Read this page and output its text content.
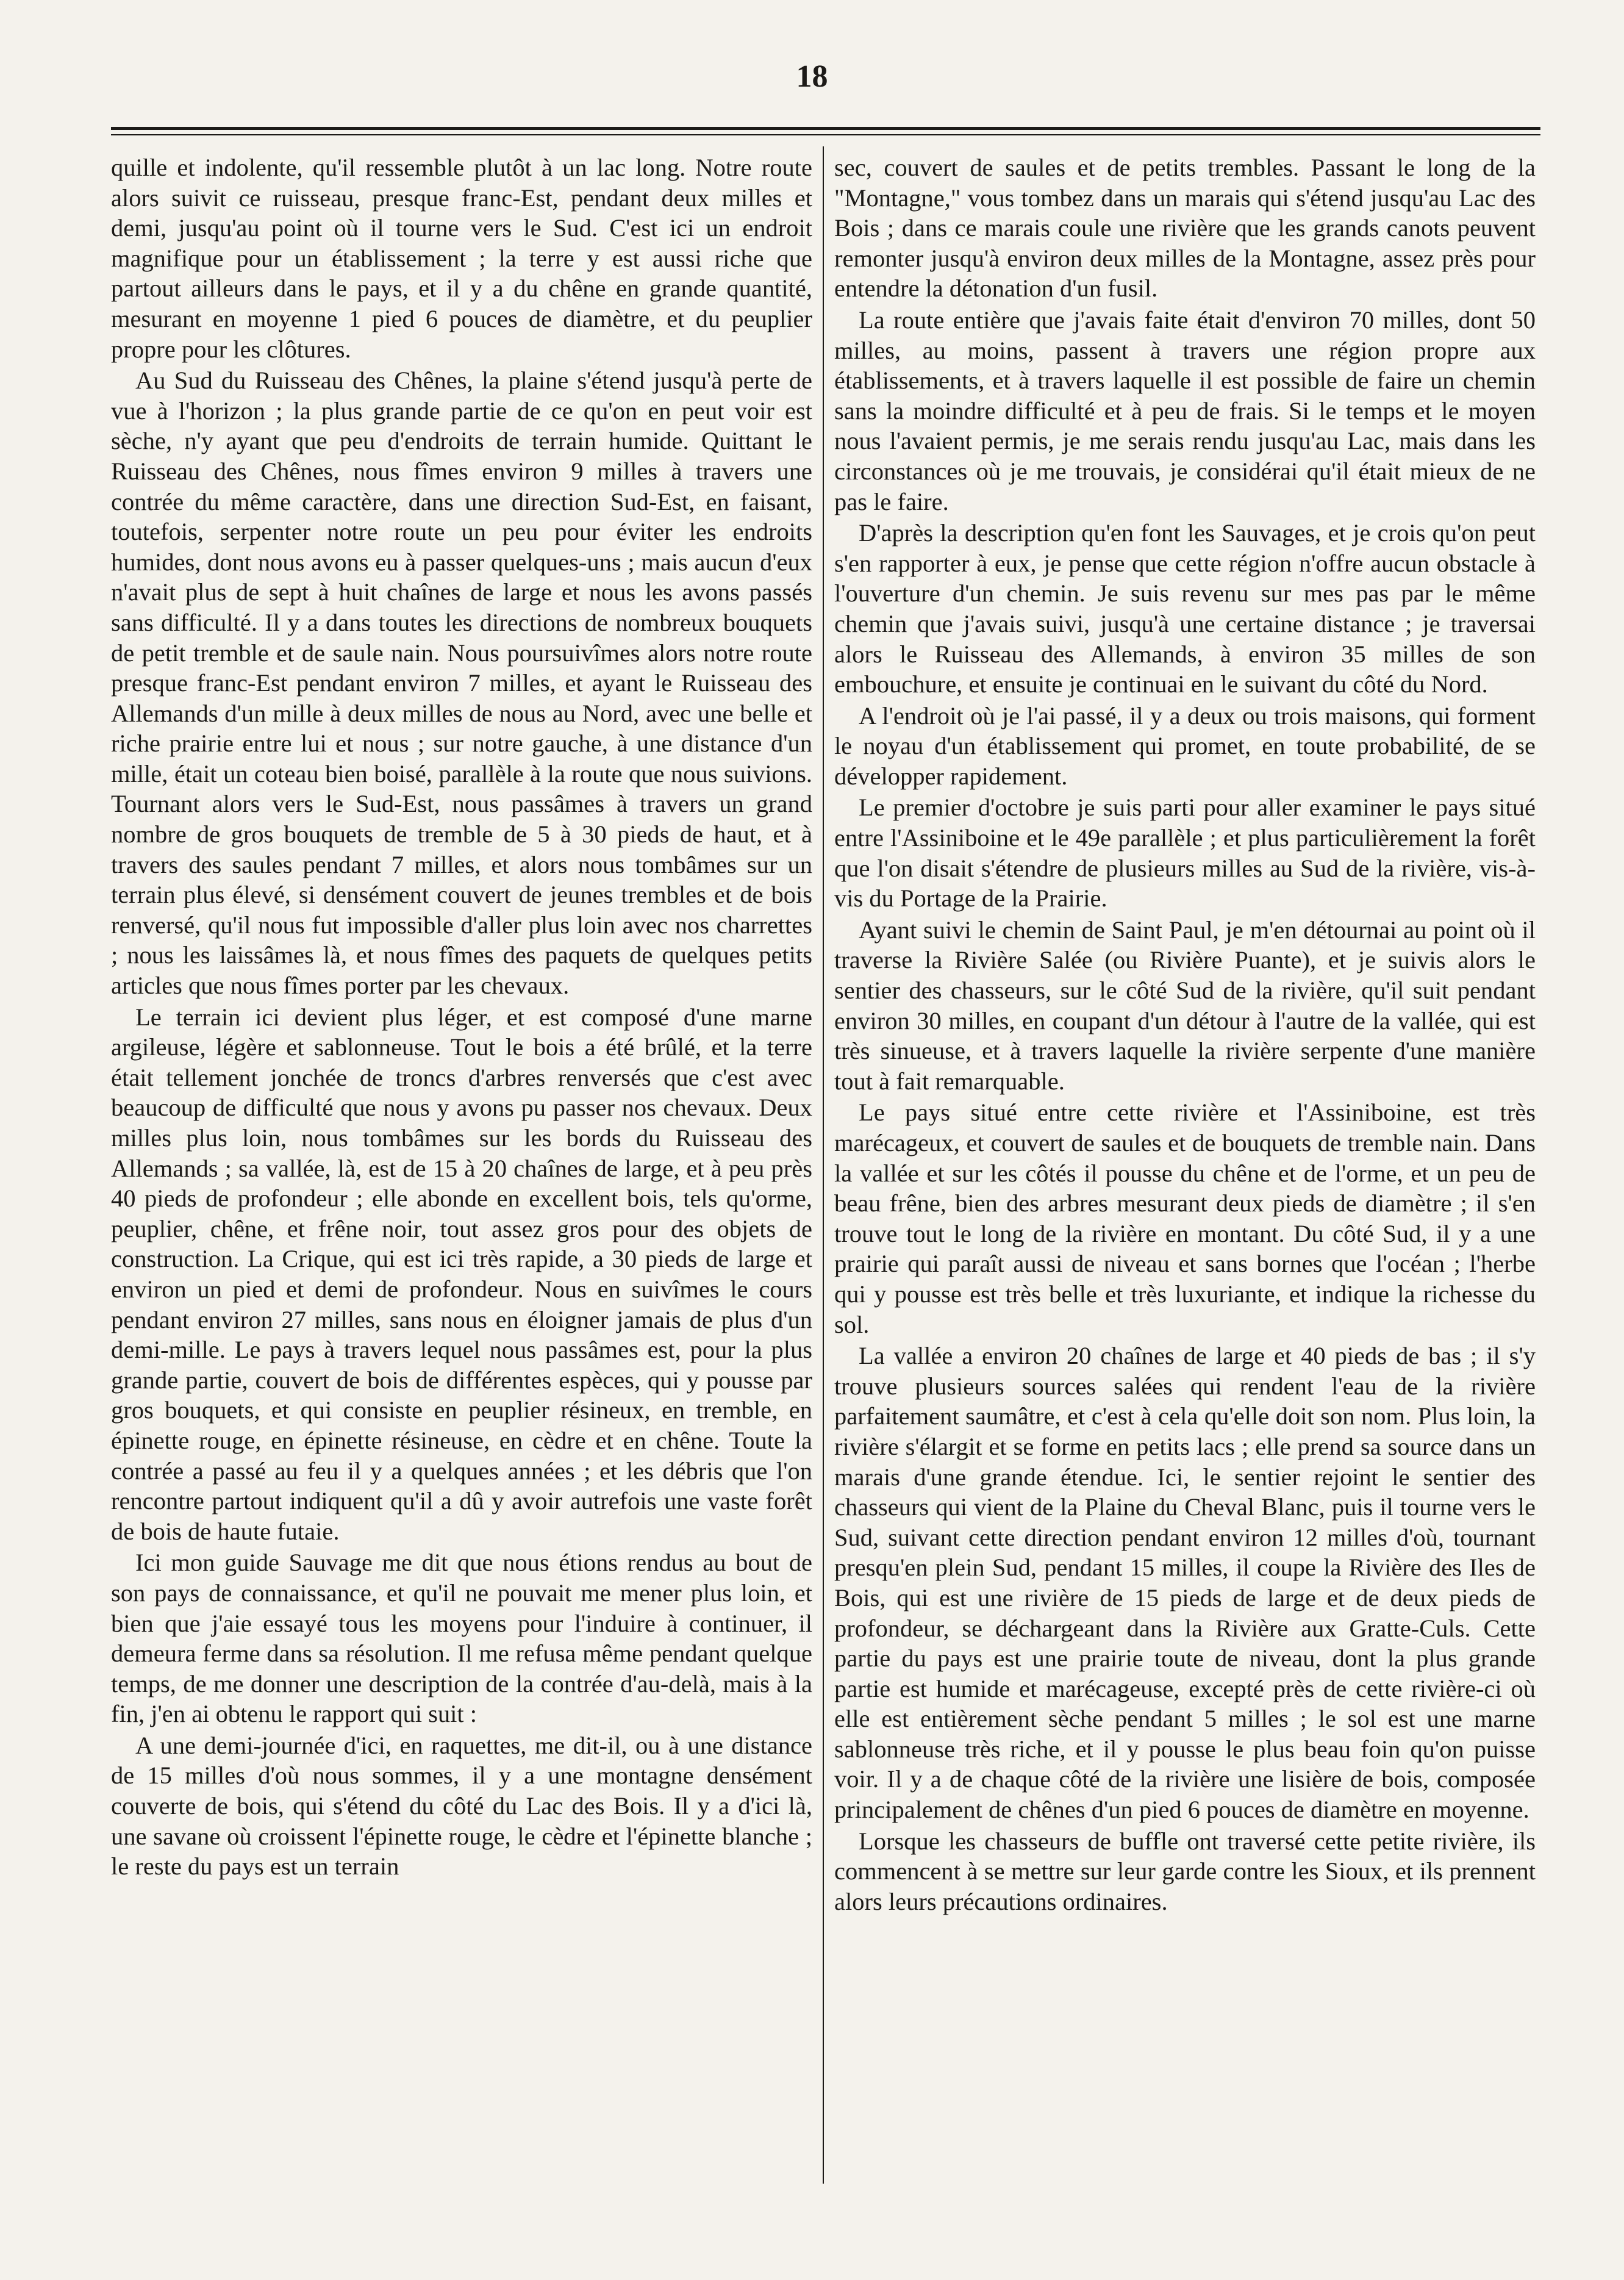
18

quille et indolente, qu'il ressemble plutôt à un lac long. Notre route alors suivit ce ruisseau, presque franc-Est, pendant deux milles et demi, jusqu'au point où il tourne vers le Sud. C'est ici un endroit magnifique pour un établissement ; la terre y est aussi riche que partout ailleurs dans le pays, et il y a du chêne en grande quantité, mesurant en moyenne 1 pied 6 pouces de diamètre, et du peuplier propre pour les clôtures.

Au Sud du Ruisseau des Chênes, la plaine s'étend jusqu'à perte de vue à l'horizon ; la plus grande partie de ce qu'on en peut voir est sèche, n'y ayant que peu d'endroits de terrain humide. Quittant le Ruisseau des Chênes, nous fîmes environ 9 milles à travers une contrée du même caractère, dans une direction Sud-Est, en faisant, toutefois, serpenter notre route un peu pour éviter les endroits humides, dont nous avons eu à passer quelques-uns ; mais aucun d'eux n'avait plus de sept à huit chaînes de large et nous les avons passés sans difficulté. Il y a dans toutes les directions de nombreux bouquets de petit tremble et de saule nain. Nous poursuivîmes alors notre route presque franc-Est pendant environ 7 milles, et ayant le Ruisseau des Allemands d'un mille à deux milles de nous au Nord, avec une belle et riche prairie entre lui et nous ; sur notre gauche, à une distance d'un mille, était un coteau bien boisé, parallèle à la route que nous suivions. Tournant alors vers le Sud-Est, nous passâmes à travers un grand nombre de gros bouquets de tremble de 5 à 30 pieds de haut, et à travers des saules pendant 7 milles, et alors nous tombâmes sur un terrain plus élevé, si densément couvert de jeunes trembles et de bois renversé, qu'il nous fut impossible d'aller plus loin avec nos charrettes ; nous les laissâmes là, et nous fîmes des paquets de quelques petits articles que nous fîmes porter par les chevaux.

Le terrain ici devient plus léger, et est composé d'une marne argileuse, légère et sablonneuse. Tout le bois a été brûlé, et la terre était tellement jonchée de troncs d'arbres renversés que c'est avec beaucoup de difficulté que nous y avons pu passer nos chevaux. Deux milles plus loin, nous tombâmes sur les bords du Ruisseau des Allemands ; sa vallée, là, est de 15 à 20 chaînes de large, et à peu près 40 pieds de profondeur ; elle abonde en excellent bois, tels qu'orme, peuplier, chêne, et frêne noir, tout assez gros pour des objets de construction. La Crique, qui est ici très rapide, a 30 pieds de large et environ un pied et demi de profondeur. Nous en suivîmes le cours pendant environ 27 milles, sans nous en éloigner jamais de plus d'un demi-mille. Le pays à travers lequel nous passâmes est, pour la plus grande partie, couvert de bois de différentes espèces, qui y pousse par gros bouquets, et qui consiste en peuplier résineux, en tremble, en épinette rouge, en épinette résineuse, en cèdre et en chêne. Toute la contrée a passé au feu il y a quelques années ; et les débris que l'on rencontre partout indiquent qu'il a dû y avoir autrefois une vaste forêt de bois de haute futaie.

Ici mon guide Sauvage me dit que nous étions rendus au bout de son pays de connaissance, et qu'il ne pouvait me mener plus loin, et bien que j'aie essayé tous les moyens pour l'induire à continuer, il demeura ferme dans sa résolution. Il me refusa même pendant quelque temps, de me donner une description de la contrée d'au-delà, mais à la fin, j'en ai obtenu le rapport qui suit :

A une demi-journée d'ici, en raquettes, me dit-il, ou à une distance de 15 milles d'où nous sommes, il y a une montagne densément couverte de bois, qui s'étend du côté du Lac des Bois. Il y a d'ici là, une savane où croissent l'épinette rouge, le cèdre et l'épinette blanche ; le reste du pays est un terrain

sec, couvert de saules et de petits trembles. Passant le long de la "Montagne," vous tombez dans un marais qui s'étend jusqu'au Lac des Bois ; dans ce marais coule une rivière que les grands canots peuvent remonter jusqu'à environ deux milles de la Montagne, assez près pour entendre la détonation d'un fusil.

La route entière que j'avais faite était d'environ 70 milles, dont 50 milles, au moins, passent à travers une région propre aux établissements, et à travers laquelle il est possible de faire un chemin sans la moindre difficulté et à peu de frais. Si le temps et le moyen nous l'avaient permis, je me serais rendu jusqu'au Lac, mais dans les circonstances où je me trouvais, je considérai qu'il était mieux de ne pas le faire.

D'après la description qu'en font les Sauvages, et je crois qu'on peut s'en rapporter à eux, je pense que cette région n'offre aucun obstacle à l'ouverture d'un chemin. Je suis revenu sur mes pas par le même chemin que j'avais suivi, jusqu'à une certaine distance ; je traversai alors le Ruisseau des Allemands, à environ 35 milles de son embouchure, et ensuite je continuai en le suivant du côté du Nord.

A l'endroit où je l'ai passé, il y a deux ou trois maisons, qui forment le noyau d'un établissement qui promet, en toute probabilité, de se développer rapidement.

Le premier d'octobre je suis parti pour aller examiner le pays situé entre l'Assiniboine et le 49e parallèle ; et plus particulièrement la forêt que l'on disait s'étendre de plusieurs milles au Sud de la rivière, vis-à-vis du Portage de la Prairie.

Ayant suivi le chemin de Saint Paul, je m'en détournai au point où il traverse la Rivière Salée (ou Rivière Puante), et je suivis alors le sentier des chasseurs, sur le côté Sud de la rivière, qu'il suit pendant environ 30 milles, en coupant d'un détour à l'autre de la vallée, qui est très sinueuse, et à travers laquelle la rivière serpente d'une manière tout à fait remarquable.

Le pays situé entre cette rivière et l'Assiniboine, est très marécageux, et couvert de saules et de bouquets de tremble nain. Dans la vallée et sur les côtés il pousse du chêne et de l'orme, et un peu de beau frêne, bien des arbres mesurant deux pieds de diamètre ; il s'en trouve tout le long de la rivière en montant. Du côté Sud, il y a une prairie qui paraît aussi de niveau et sans bornes que l'océan ; l'herbe qui y pousse est très belle et très luxuriante, et indique la richesse du sol.

La vallée a environ 20 chaînes de large et 40 pieds de bas ; il s'y trouve plusieurs sources salées qui rendent l'eau de la rivière parfaitement saumâtre, et c'est à cela qu'elle doit son nom. Plus loin, la rivière s'élargit et se forme en petits lacs ; elle prend sa source dans un marais d'une grande étendue. Ici, le sentier rejoint le sentier des chasseurs qui vient de la Plaine du Cheval Blanc, puis il tourne vers le Sud, suivant cette direction pendant environ 12 milles d'où, tournant presqu'en plein Sud, pendant 15 milles, il coupe la Rivière des Iles de Bois, qui est une rivière de 15 pieds de large et de deux pieds de profondeur, se déchargeant dans la Rivière aux Gratte-Culs. Cette partie du pays est une prairie toute de niveau, dont la plus grande partie est humide et marécageuse, excepté près de cette rivière-ci où elle est entièrement sèche pendant 5 milles ; le sol est une marne sablonneuse très riche, et il y pousse le plus beau foin qu'on puisse voir. Il y a de chaque côté de la rivière une lisière de bois, composée principalement de chênes d'un pied 6 pouces de diamètre en moyenne.

Lorsque les chasseurs de buffle ont traversé cette petite rivière, ils commencent à se mettre sur leur garde contre les Sioux, et ils prennent alors leurs précautions ordinaires.
